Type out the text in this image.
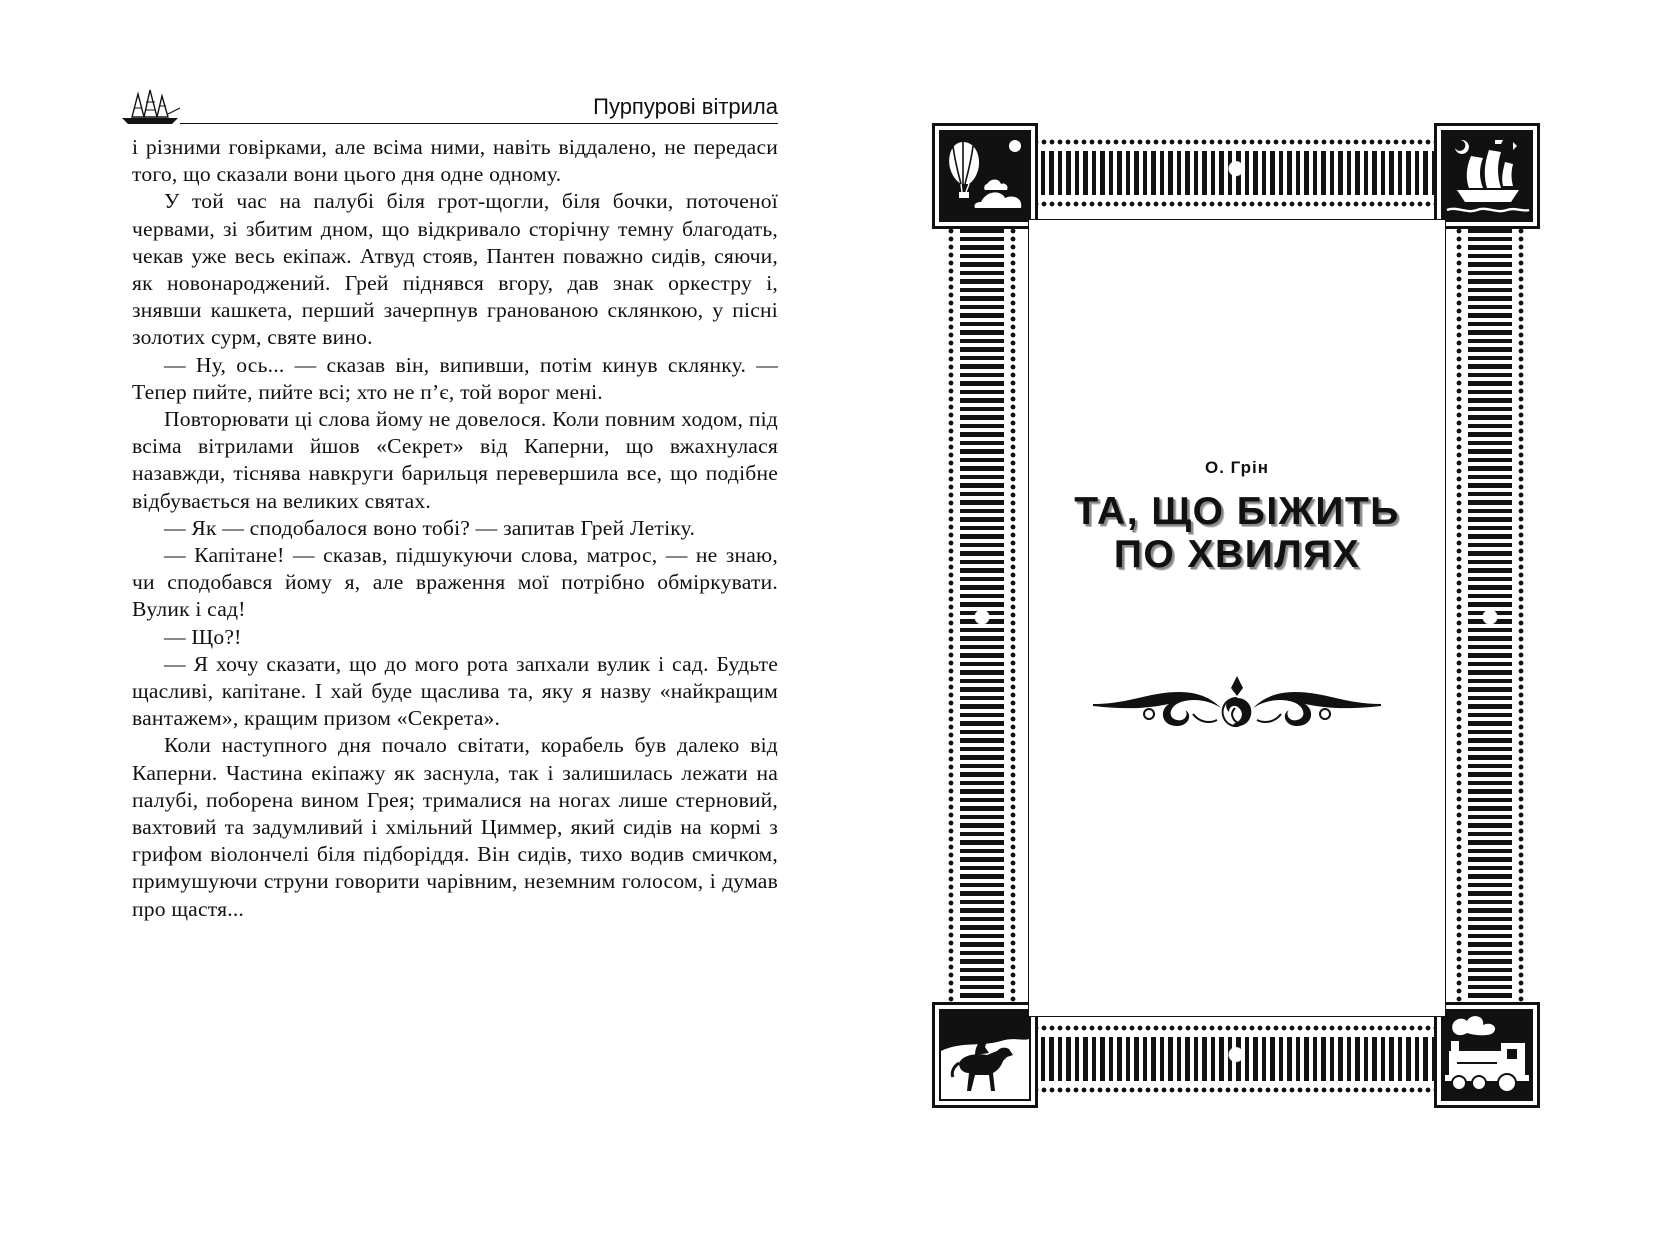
Пурпурові вітрила

і різними говірками, але всіма ними, навіть віддалено, не передаси того, що сказали вони цього дня одне одному.

У той час на палубі біля грот-щогли, біля бочки, поточеної червами, зі збитим дном, що відкривало сторічну темну благодать, чекав уже весь екіпаж. Атвуд стояв, Пантен поважно сидів, сяючи, як новонароджений. Грей піднявся вгору, дав знак оркестру і, знявши кашкета, перший зачерпнув гранованою склянкою, у пісні золотих сурм, святе вино.

— Ну, ось... — сказав він, випивши, потім кинув склянку. — Тепер пийте, пийте всі; хто не п’є, той ворог мені.

Повторювати ці слова йому не довелося. Коли повним ходом, під всіма вітрилами йшов «Секрет» від Каперни, що вжахнулася назавжди, тіснява навкруги барильця перевершила все, що подібне відбувається на великих святах.

— Як — сподобалося воно тобі? — запитав Грей Летіку.

— Капітане! — сказав, підшукуючи слова, матрос, — не знаю, чи сподобався йому я, але враження мої потрібно обміркувати. Вулик і сад!

— Що?!

— Я хочу сказати, що до мого рота запхали вулик і сад. Будьте щасливі, капітане. І хай буде щаслива та, яку я назву «найкращим вантажем», кращим призом «Секрета».

Коли наступного дня почало світати, корабель був далеко від Каперни. Частина екіпажу як заснула, так і залишилась лежати на палубі, поборена вином Грея; трималися на ногах лише стерновий, вахтовий та задумливий і хмільний Циммер, який сидів на кормі з грифом віолончелі біля підборіддя. Він сидів, тихо водив смичком, примушуючи струни говорити чарівним, неземним голосом, і думав про щастя...

О. Грін
ТА, ЩО БІЖИТЬ
ПО ХВИЛЯХ
